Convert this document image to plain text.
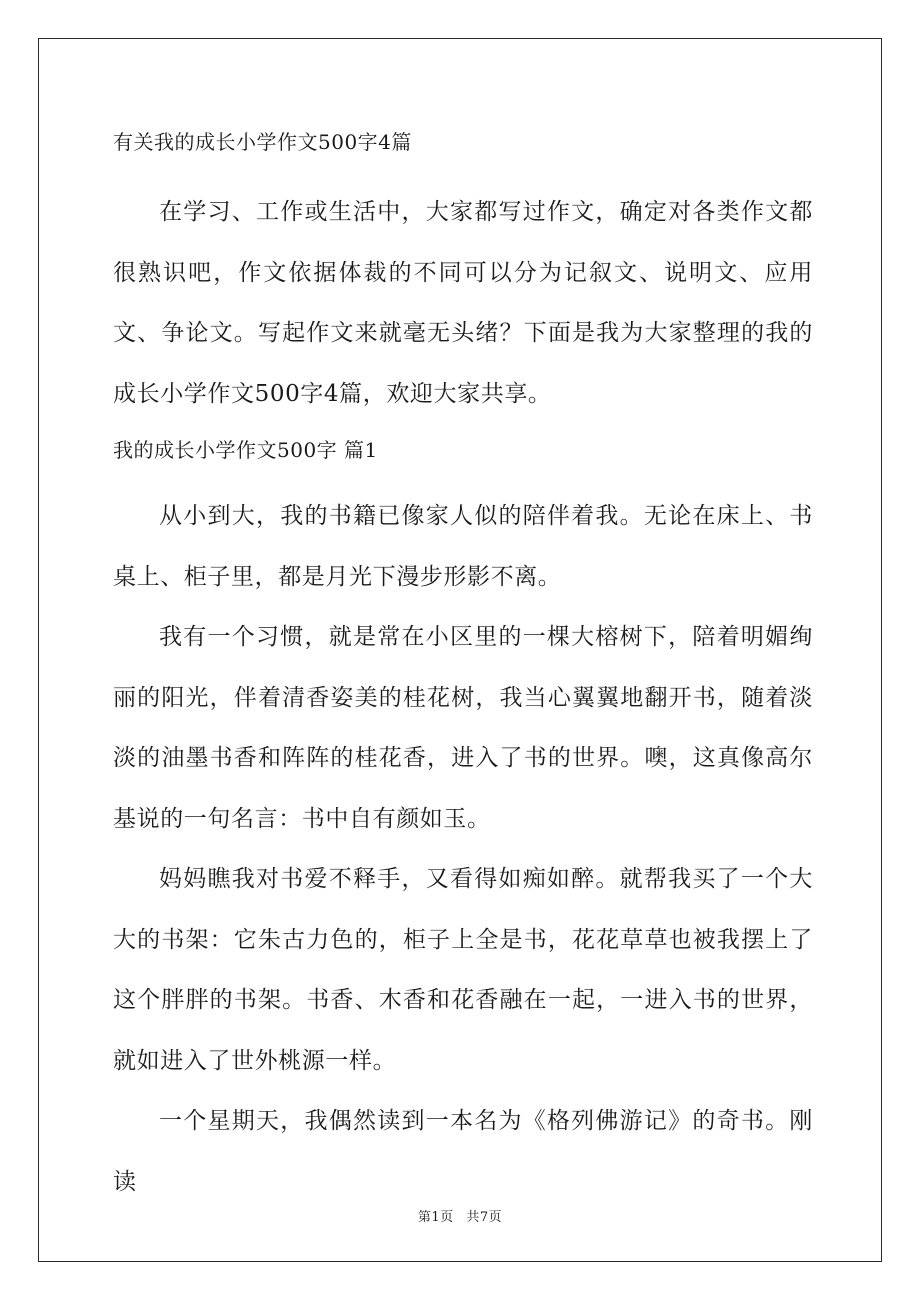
有关我的成长小学作文500字4篇

在学习、工作或生活中，大家都写过作文，确定对各类作文都很熟识吧，作文依据体裁的不同可以分为记叙文、说明文、应用文、争论文。写起作文来就毫无头绪？下面是我为大家整理的我的成长小学作文500字4篇，欢迎大家共享。

我的成长小学作文500字 篇1

从小到大，我的书籍已像家人似的陪伴着我。无论在床上、书桌上、柜子里，都是月光下漫步形影不离。

我有一个习惯，就是常在小区里的一棵大榕树下，陪着明媚绚丽的阳光，伴着清香姿美的桂花树，我当心翼翼地翻开书，随着淡淡的油墨书香和阵阵的桂花香，进入了书的世界。噢，这真像高尔基说的一句名言：书中自有颜如玉。

妈妈瞧我对书爱不释手，又看得如痴如醉。就帮我买了一个大大的书架：它朱古力色的，柜子上全是书，花花草草也被我摆上了这个胖胖的书架。书香、木香和花香融在一起，一进入书的世界，就如进入了世外桃源一样。

一个星期天，我偶然读到一本名为《格列佛游记》的奇书。刚读

第1页 共7页
